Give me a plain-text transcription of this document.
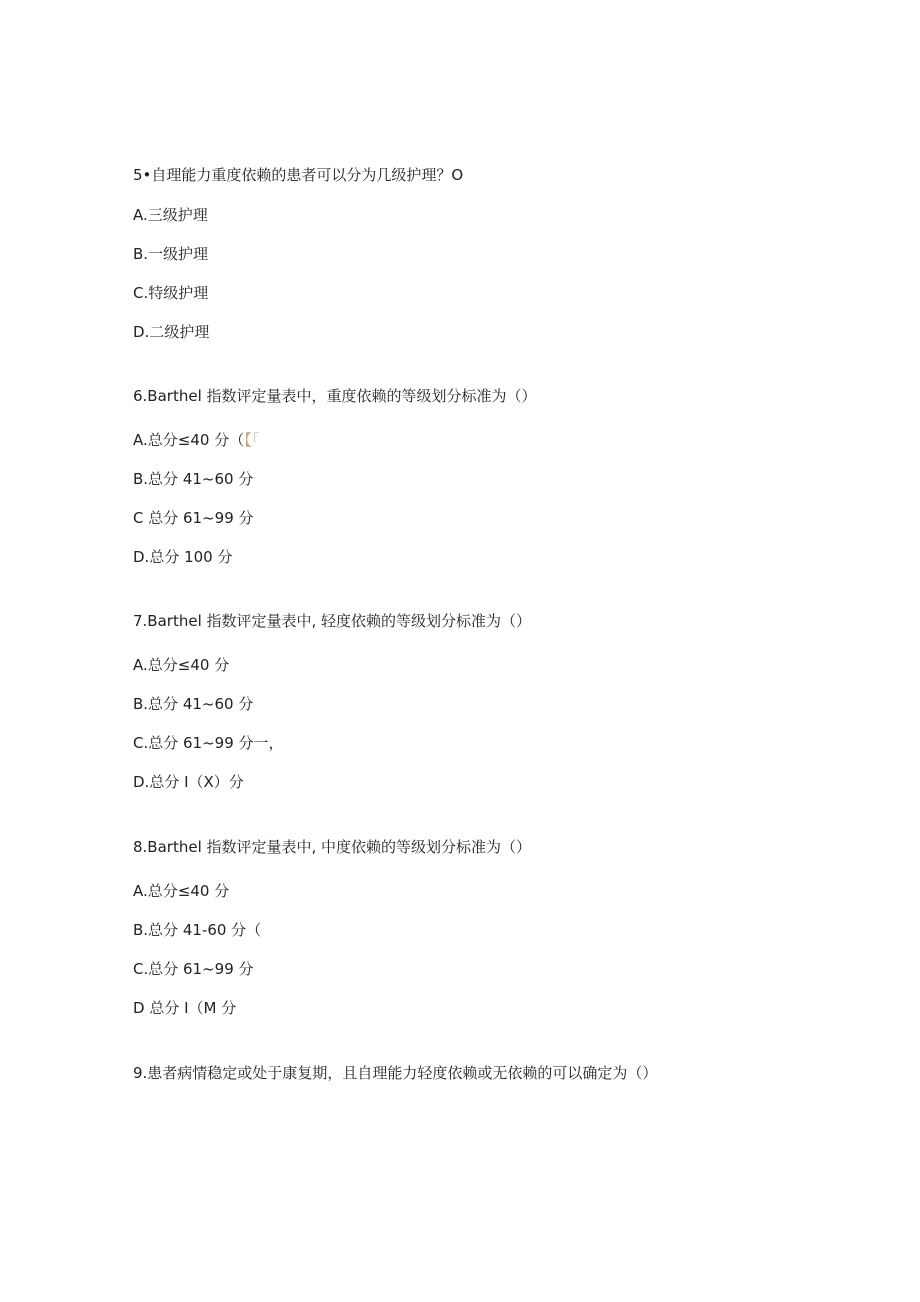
5•自理能力重度依赖的患者可以分为几级护理？O
A.三级护理
B.一级护理
C.特级护理
D.二级护理
6.Barthel 指数评定量表中，重度依赖的等级划分标准为（）
A.总分≤40 分（【「
B.总分 41~60 分
C 总分 61~99 分
D.总分 100 分
7.Barthel 指数评定量表中, 轻度依赖的等级划分标准为（）
A.总分≤40 分
B.总分 41~60 分
C.总分 61~99 分一，
D.总分 I（X）分
8.Barthel 指数评定量表中, 中度依赖的等级划分标准为（）
A.总分≤40 分
B.总分 41-60 分（
C.总分 61~99 分
D 总分 I（M 分
9.患者病情稳定或处于康复期，且自理能力轻度依赖或无依赖的可以确定为（）
